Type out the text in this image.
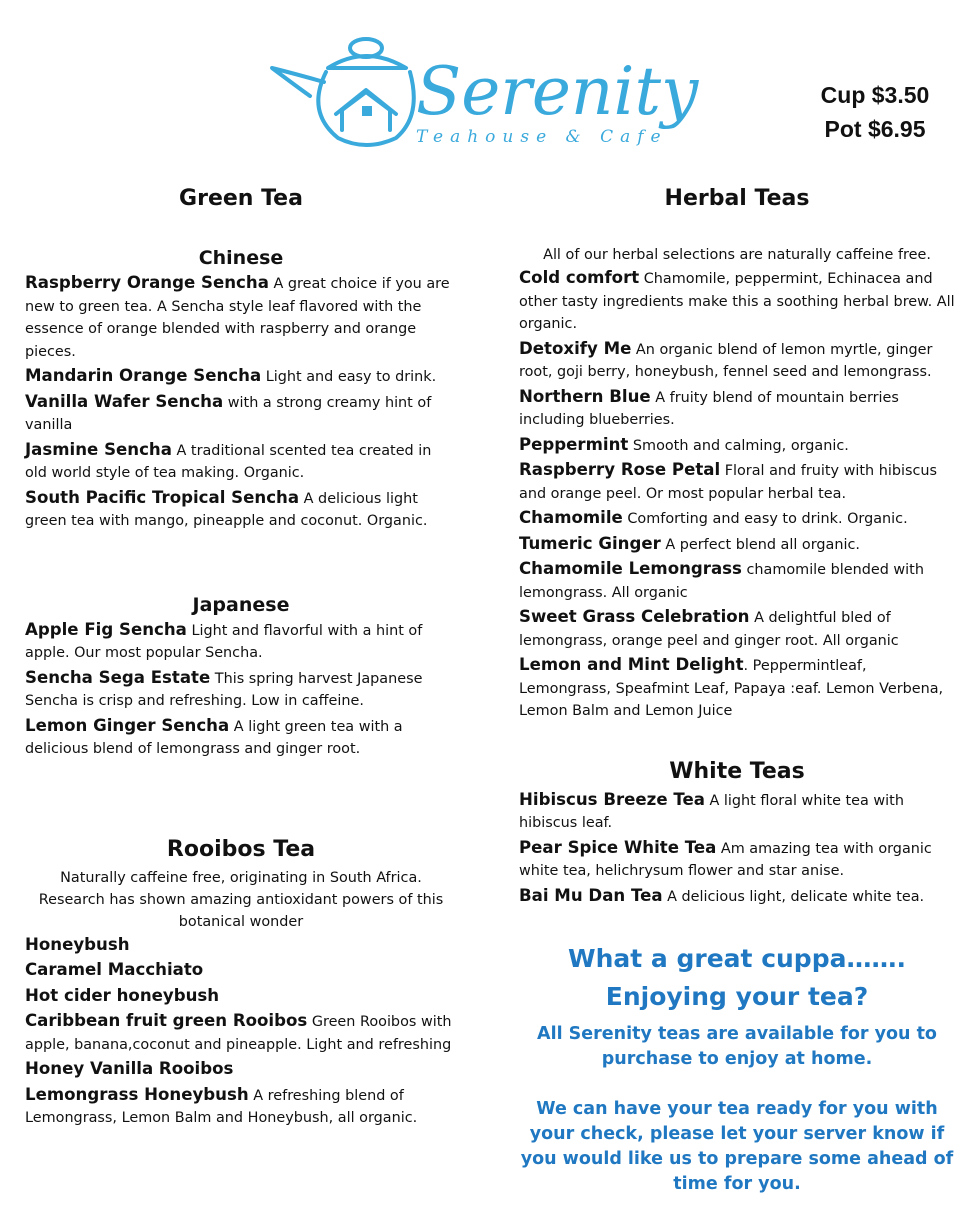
Serenity
Teahouse & Cafe
Cup $3.50
Pot $6.95
Green Tea
Chinese

Raspberry Orange Sencha A great choice if you are new to green tea. A Sencha style leaf flavored with the essence of orange blended with raspberry and orange pieces.

Mandarin Orange Sencha Light and easy to drink.

Vanilla Wafer Sencha with a strong creamy hint of vanilla

Jasmine Sencha A traditional scented tea created in old world style of tea making. Organic.

South Pacific Tropical Sencha A delicious light green tea with mango, pineapple and coconut. Organic.

Japanese

Apple Fig Sencha Light and flavorful with a hint of apple. Our most popular Sencha.

Sencha Sega Estate This spring harvest Japanese Sencha is crisp and refreshing. Low in caffeine.

Lemon Ginger Sencha A light green tea with a delicious blend of lemongrass and ginger root.

Rooibos Tea

Naturally caffeine free, originating in South Africa. Research has shown amazing antioxidant powers of this botanical wonder

Honeybush

Caramel Macchiato

Hot cider honeybush

Caribbean fruit green Rooibos Green Rooibos with apple, banana,coconut and pineapple. Light and refreshing

Honey Vanilla Rooibos

Lemongrass Honeybush A refreshing blend of Lemongrass, Lemon Balm and Honeybush, all organic.

Herbal Teas

All of our herbal selections are naturally caffeine free.

Cold comfort Chamomile, peppermint, Echinacea and other tasty ingredients make this a soothing herbal brew. All organic.

Detoxify Me An organic blend of lemon myrtle, ginger root, goji berry, honeybush, fennel seed and lemongrass.

Northern Blue A fruity blend of mountain berries including blueberries.

Peppermint Smooth and calming, organic.

Raspberry Rose Petal Floral and fruity with hibiscus and orange peel. Or most popular herbal tea.

Chamomile Comforting and easy to drink. Organic.

Tumeric Ginger A perfect blend all organic.

Chamomile Lemongrass chamomile blended with lemongrass. All organic

Sweet Grass Celebration A delightful bled of lemongrass, orange peel and ginger root. All organic

Lemon and Mint Delight. Peppermintleaf, Lemongrass, Speafmint Leaf, Papaya :eaf. Lemon Verbena, Lemon Balm and Lemon Juice

White Teas

Hibiscus Breeze Tea A light floral white tea with hibiscus leaf.

Pear Spice White Tea Am amazing tea with organic white tea, helichrysum flower and star anise.

Bai Mu Dan Tea A delicious light, delicate white tea.

What a great cuppa…….

Enjoying your tea?

All Serenity teas are available for you to purchase to enjoy at home.

We can have your tea ready for you with your check, please let your server know if you would like us to prepare some ahead of time for you.
